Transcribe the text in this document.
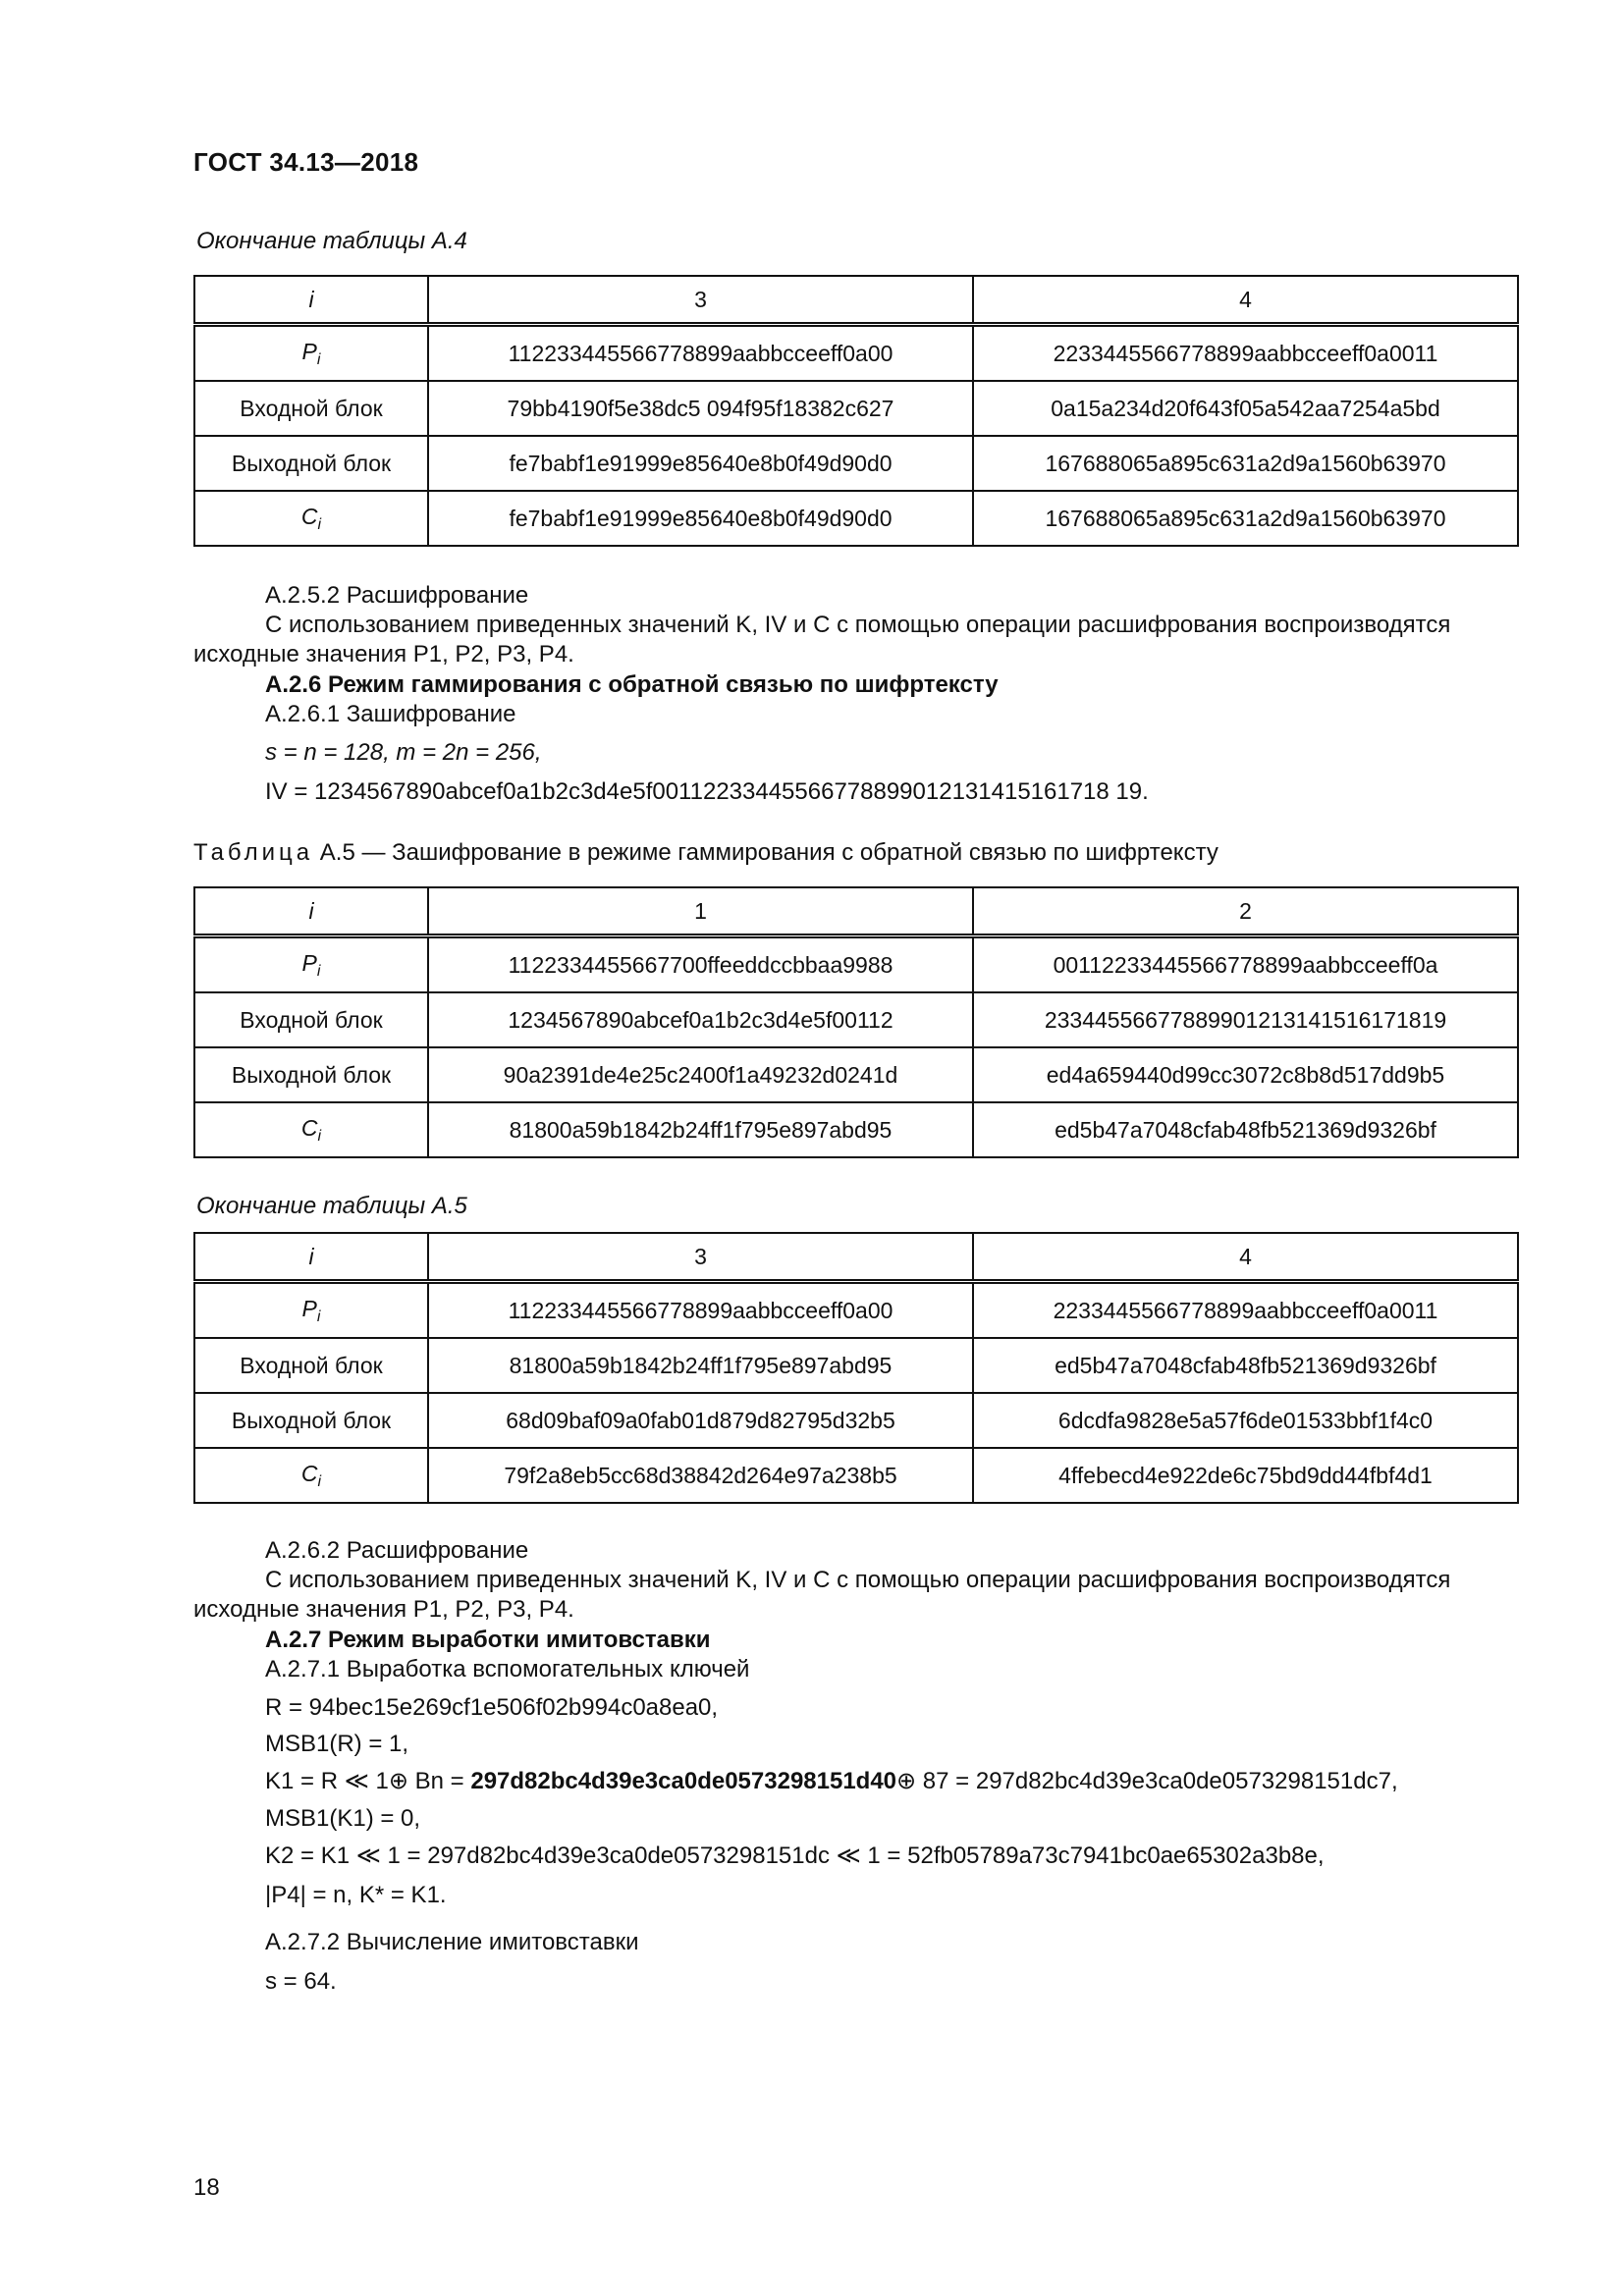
ГОСТ 34.13—2018
Окончание таблицы А.4
i	3	4
$P_i$	112233445566778899aabbcceeff0a00	2233445566778899aabbcceeff0a0011
Входной блок	79bb4190f5e38dc5 094f95f18382c627	0a15a234d20f643f05a542aa7254a5bd
Выходной блок	fe7babf1e91999e85640e8b0f49d90d0	167688065a895c631a2d9a1560b63970
$C_i$	fe7babf1e91999e85640e8b0f49d90d0	167688065a895c631a2d9a1560b63970
А.2.5.2 Расшифрование
С использованием приведенных значений K, IV и C с помощью операции расшифрования воспроизводятся
исходные значения P1, P2, P3, P4.
А.2.6 Режим гаммирования с обратной связью по шифртексту
А.2.6.1 Зашифрование
s = n = 128, m = 2n = 256,
IV = 1234567890abcef0a1b2c3d4e5f00112233445566778899012131415161718 19.
Таблица А.5 — Зашифрование в режиме гаммирования с обратной связью по шифртексту
i	1	2
$P_i$	1122334455667700ffeeddccbbaa9988	00112233445566778899aabbcceeff0a
Входной блок	1234567890abcef0a1b2c3d4e5f00112	23344556677889901213141516171819
Выходной блок	90a2391de4e25c2400f1a49232d0241d	ed4a659440d99cc3072c8b8d517dd9b5
$C_i$	81800a59b1842b24ff1f795e897abd95	ed5b47a7048cfab48fb521369d9326bf
Окончание таблицы А.5
i	3	4
$P_i$	112233445566778899aabbcceeff0a00	2233445566778899aabbcceeff0a0011
Входной блок	81800a59b1842b24ff1f795e897abd95	ed5b47a7048cfab48fb521369d9326bf
Выходной блок	68d09baf09a0fab01d879d82795d32b5	6dcdfa9828e5a57f6de01533bbf1f4c0
$C_i$	79f2a8eb5cc68d38842d264e97a238b5	4ffebecd4e922de6c75bd9dd44fbf4d1
А.2.6.2 Расшифрование
С использованием приведенных значений K, IV и C с помощью операции расшифрования воспроизводятся
исходные значения P1, P2, P3, P4.
А.2.7 Режим выработки имитовставки
А.2.7.1 Выработка вспомогательных ключей
R = 94bec15e269cf1e506f02b994c0a8ea0,
MSB1(R) = 1,
K1 = R ≪ 1⊕ Bn = 297d82bc4d39e3ca0de0573298151d40⊕ 87 = 297d82bc4d39e3ca0de0573298151dc7,
MSB1(K1) = 0,
K2 = K1 ≪ 1 = 297d82bc4d39e3ca0de0573298151dc ≪ 1 = 52fb05789a73c7941bc0ae65302a3b8e,
|P4| = n, K* = K1.
А.2.7.2 Вычисление имитовставки
s = 64.
18
